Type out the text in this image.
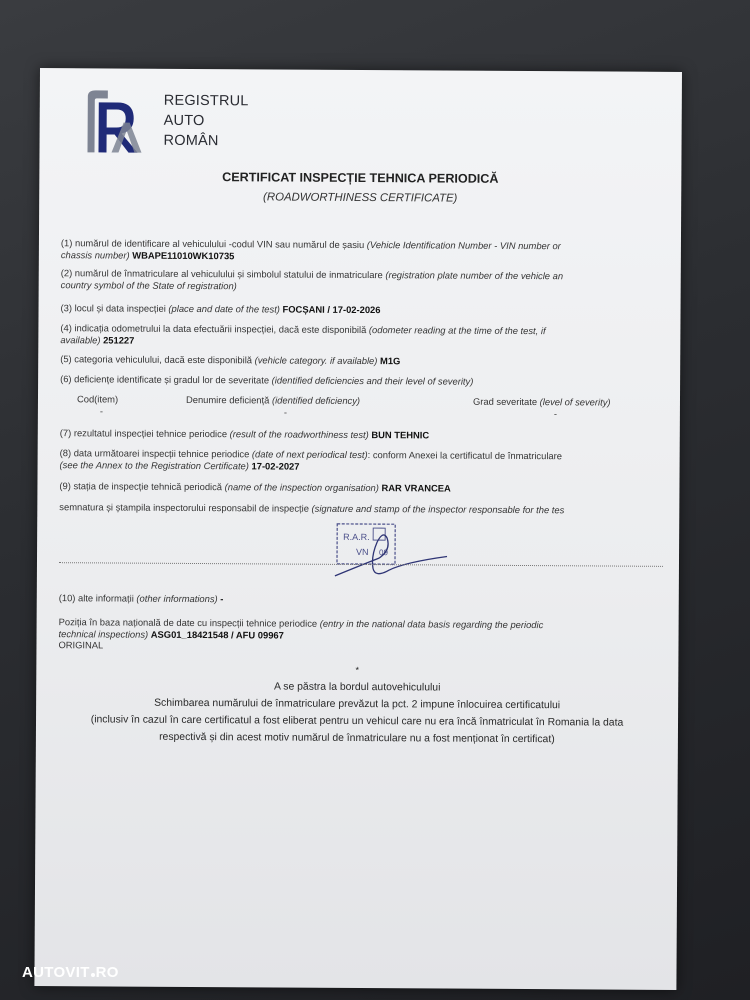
REGISTRUL
AUTO
ROMÂN
CERTIFICAT INSPECȚIE TEHNICA PERIODICĂ
(ROADWORTHINESS CERTIFICATE)
(1) numărul de identificare al vehiculului -codul VIN sau numărul de șasiu (Vehicle Identification Number - VIN number or
chassis number) WBAPE11010WK10735
(2) numărul de înmatriculare al vehiculului și simbolul statului de inmatriculare (registration plate number of the vehicle an
country symbol of the State of registration)
(3) locul și data inspecției (place and date of the test) FOCȘANI / 17-02-2026
(4) indicația odometrului la data efectuării inspecției, dacă este disponibilă (odometer reading at the time of the test, if
available) 251227
(5) categoria vehiculului, dacă este disponibilă (vehicle category. if available) M1G
(6) deficiențe identificate și gradul lor de severitate (identified deficiencies and their level of severity)
Cod(item)	Denumire deficiență (identified deficiency)	Grad severitate (level of severity)
-	-	-
(7) rezultatul inspecției tehnice periodice (result of the roadworthiness test) BUN TEHNIC
(8) data următoarei inspecții tehnice periodice (date of next periodical test): conform Anexei la certificatul de înmatriculare
(see the Annex to the Registration Certificate) 17-02-2027
(9) stația de inspecție tehnică periodică (name of the inspection organisation) RAR VRANCEA
semnatura și ștampila inspectorului responsabil de inspecție (signature and stamp of the inspector responsable for the tes
R.A.R.
VN 09
(10) alte informații (other informations) -
Poziția în baza națională de date cu inspecții tehnice periodice (entry in the national data basis regarding the periodic
technical inspections) ASG01_18421548 / AFU 09967
ORIGINAL
*
A se păstra la bordul autovehiculului
Schimbarea numărului de înmatriculare prevăzut la pct. 2 impune înlocuirea certificatului
(inclusiv în cazul în care certificatul a fost eliberat pentru un vehicul care nu era încă înmatriculat în Romania la data
respectivă și din acest motiv numărul de înmatriculare nu a fost menționat în certificat)
AUTOVIT RO
